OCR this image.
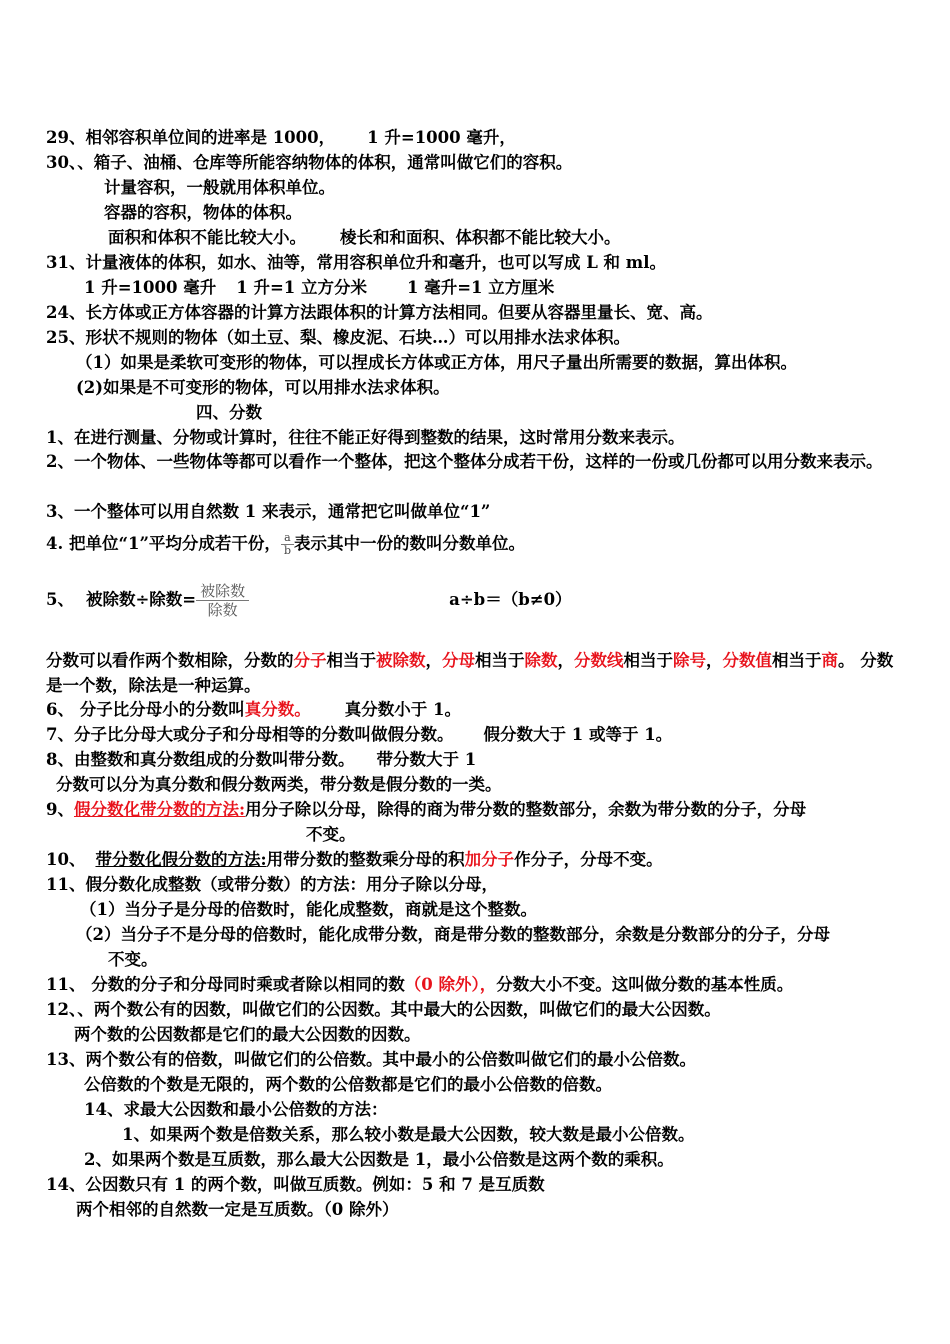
29、相邻容积单位间的进率是 1000， 1 升=1000 毫升，
30、、箱子、油桶、仓库等所能容纳物体的体积，通常叫做它们的容积。
计量容积，一般就用体积单位。
容器的容积，物体的体积。
面积和体积不能比较大小。 棱长和和面积、体积都不能比较大小。
31、计量液体的体积，如水、油等，常用容积单位升和毫升，也可以写成 L 和 ml。
1 升=1000 毫升 1 升=1 立方分米 1 毫升=1 立方厘米
24、长方体或正方体容器的计算方法跟体积的计算方法相同。但要从容器里量长、宽、高。
25、形状不规则的物体（如土豆、梨、橡皮泥、石块…）可以用排水法求体积。
（1）如果是柔软可变形的物体，可以捏成长方体或正方体，用尺子量出所需要的数据，算出体积。
(2)如果是不可变形的物体，可以用排水法求体积。
四、分数
1、在进行测量、分物或计算时，往往不能正好得到整数的结果，这时常用分数来表示。
2、一个物体、一些物体等都可以看作一个整体，把这个整体分成若干份，这样的一份或几份都可以用分数来表示。
3、一个整体可以用自然数 1 来表示，通常把它叫做单位“1”
4. 把单位“1”平均分成若干份， $\frac{a}{b}$ 表示其中一份的数叫分数单位。
5、 被除数÷除数= $\frac{\text{被除数}}{\text{除数}}$	a÷b＝（b≠0）
分数可以看作两个数相除，分数的分子相当于被除数，分母相当于除数，分数线相当于除号，分数值相当于商。 分数是一个数，除法是一种运算。
6、 分子比分母小的分数叫真分数。 真分数小于 1。
7、分子比分母大或分子和分母相等的分数叫做假分数。 假分数大于 1 或等于 1。
8、由整数和真分数组成的分数叫带分数。 带分数大于 1
分数可以分为真分数和假分数两类，带分数是假分数的一类。
9、假分数化带分数的方法:用分子除以分母，除得的商为带分数的整数部分，余数为带分数的分子，分母
不变。
10、 带分数化假分数的方法:用带分数的整数乘分母的积加分子作分子，分母不变。
11、假分数化成整数（或带分数）的方法：用分子除以分母，
（1）当分子是分母的倍数时，能化成整数，商就是这个整数。
（2）当分子不是分母的倍数时，能化成带分数，商是带分数的整数部分，余数是分数部分的分子，分母
不变。
11、 分数的分子和分母同时乘或者除以相同的数（0 除外），分数大小不变。这叫做分数的基本性质。
12、、两个数公有的因数，叫做它们的公因数。其中最大的公因数，叫做它们的最大公因数。
两个数的公因数都是它们的最大公因数的因数。
13、两个数公有的倍数，叫做它们的公倍数。其中最小的公倍数叫做它们的最小公倍数。
公倍数的个数是无限的，两个数的公倍数都是它们的最小公倍数的倍数。
14、求最大公因数和最小公倍数的方法：
1、如果两个数是倍数关系，那么较小数是最大公因数，较大数是最小公倍数。
2、如果两个数是互质数，那么最大公因数是 1，最小公倍数是这两个数的乘积。
14、公因数只有 1 的两个数，叫做互质数。例如：5 和 7 是互质数
两个相邻的自然数一定是互质数。（0 除外）
